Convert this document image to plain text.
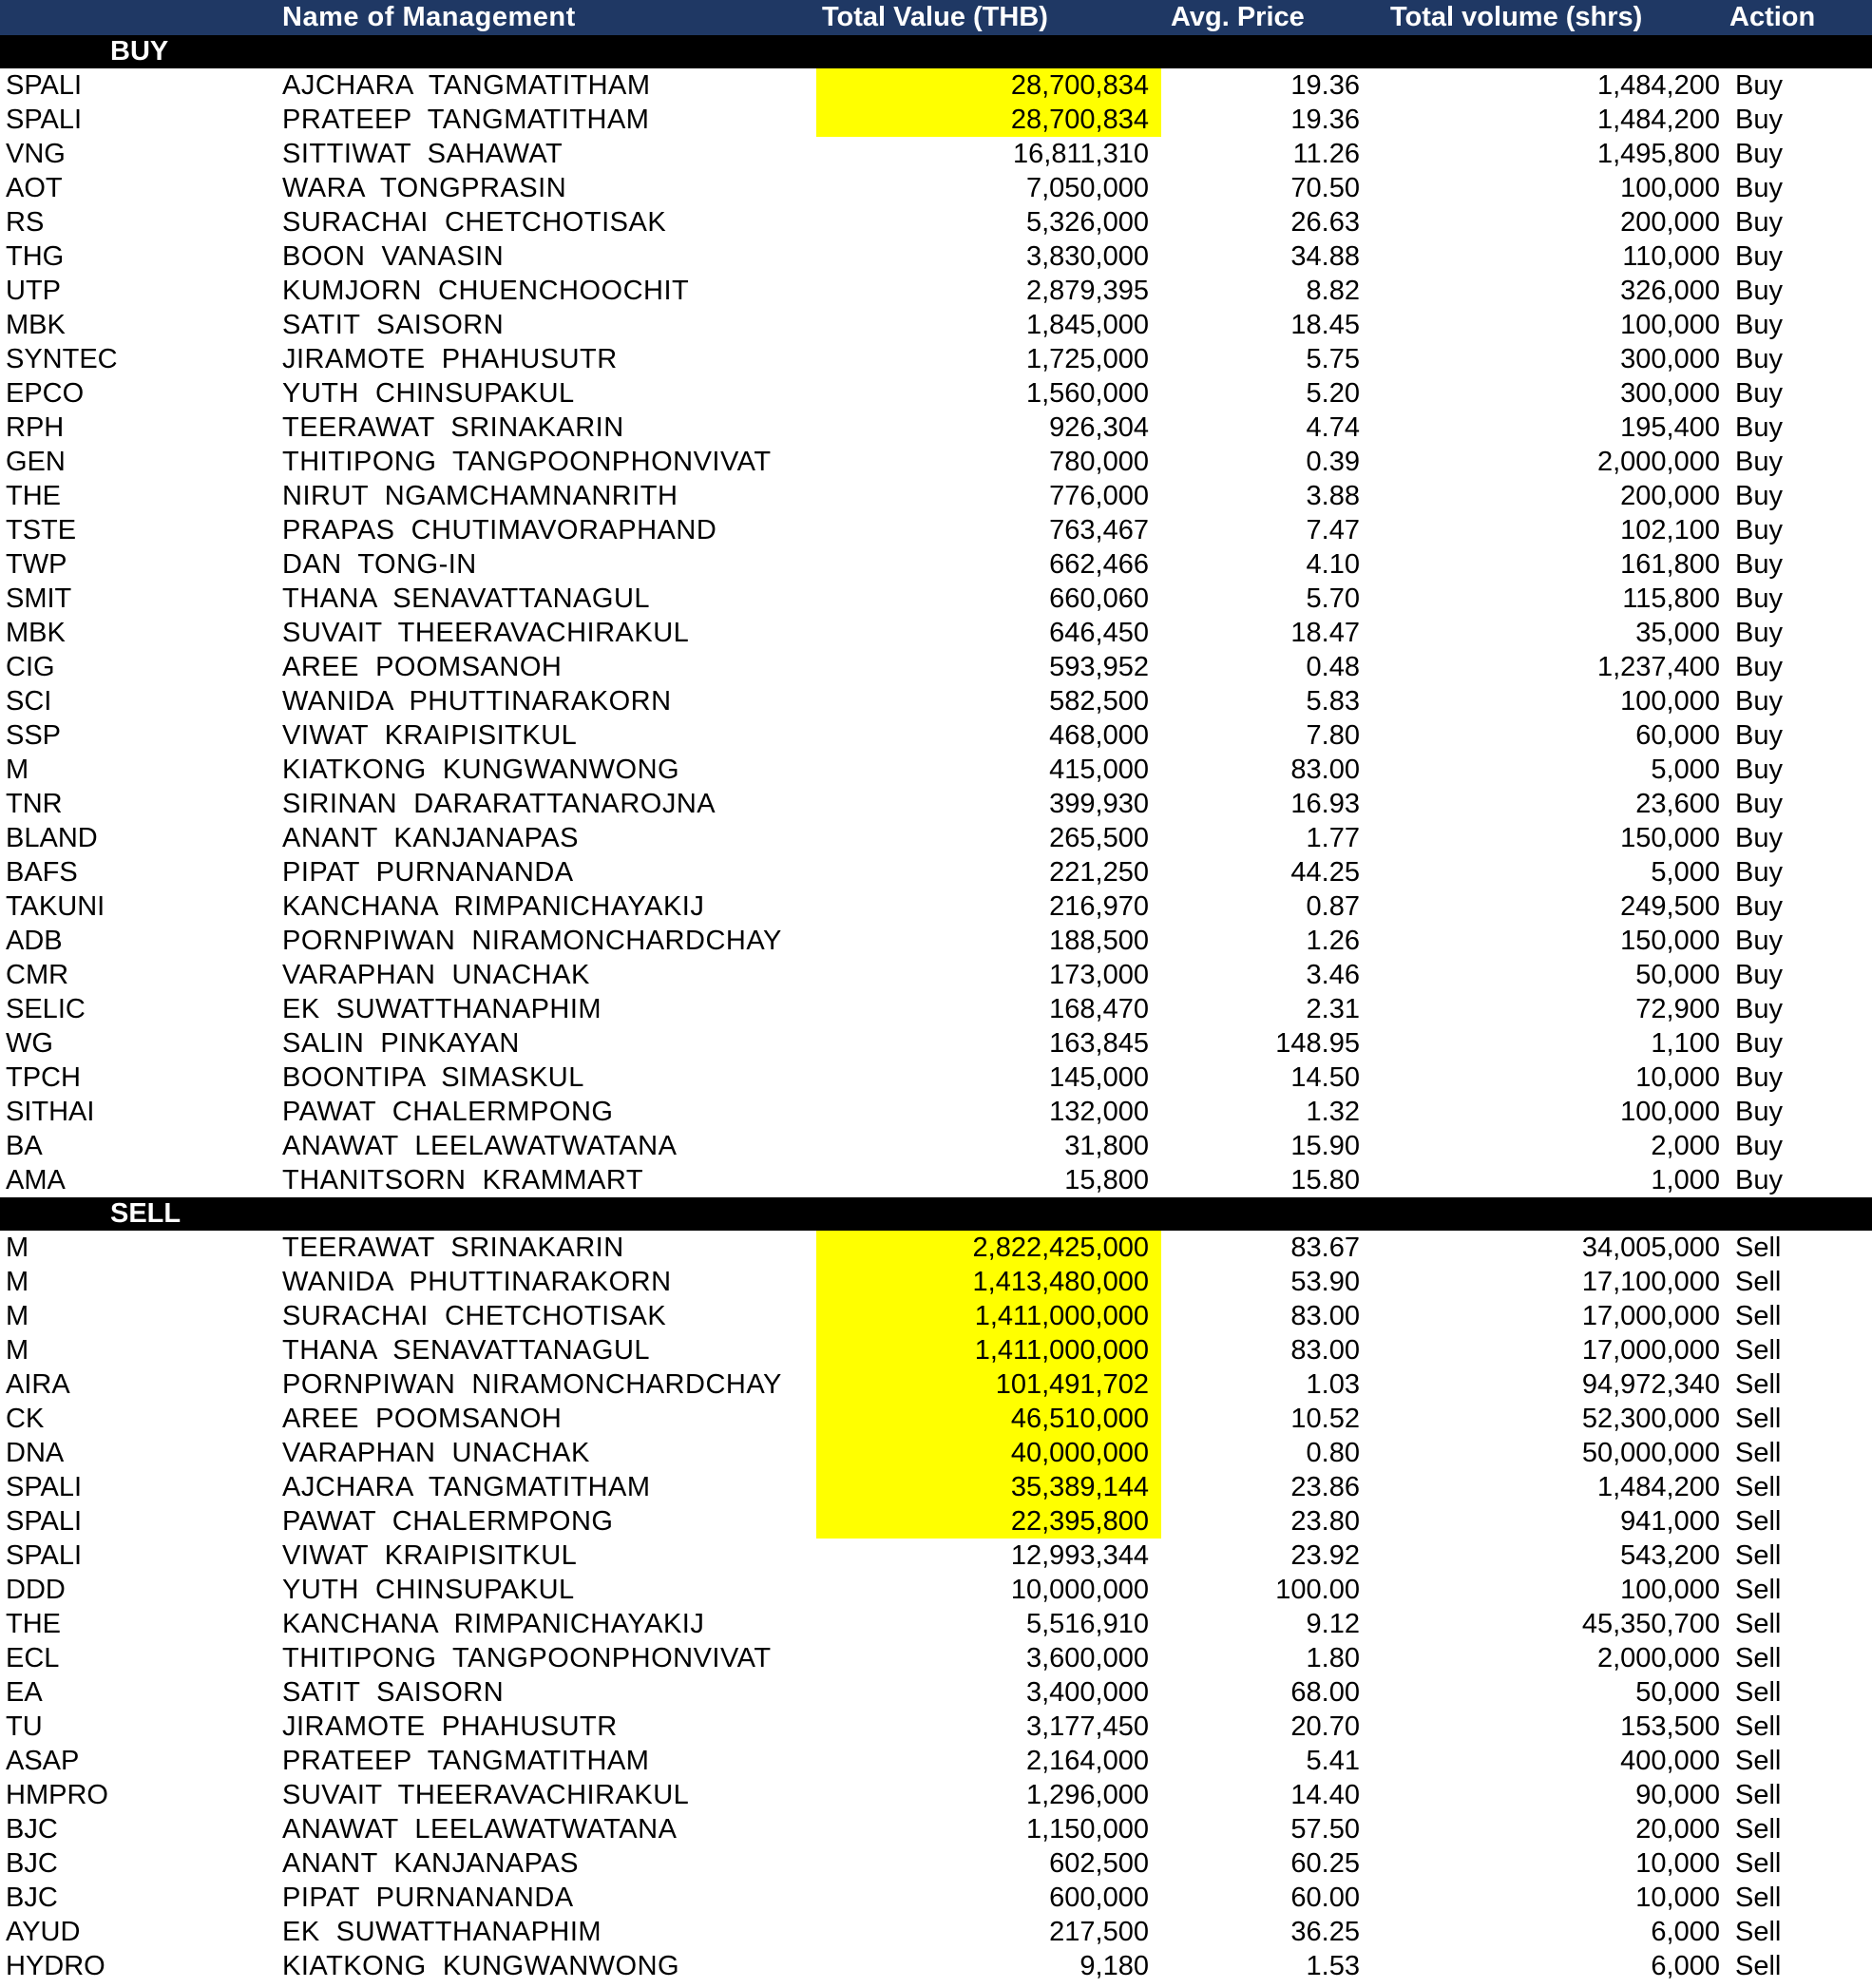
Name of Management	Total Value (THB)	Avg. Price	Total volume (shrs)	Action
BUY
SPALI	AJCHARA  TANGMATITHAM	28,700,834	19.36	1,484,200 Buy
SPALI	PRATEEP  TANGMATITHAM	28,700,834	19.36	1,484,200 Buy
VNG	SITTIWAT  SAHAWAT	16,811,310	11.26	1,495,800 Buy
AOT	WARA  TONGPRASIN	7,050,000	70.50	100,000 Buy
RS	SURACHAI  CHETCHOTISAK	5,326,000	26.63	200,000 Buy
THG	BOON  VANASIN	3,830,000	34.88	110,000 Buy
UTP	KUMJORN  CHUENCHOOCHIT	2,879,395	8.82	326,000 Buy
MBK	SATIT  SAISORN	1,845,000	18.45	100,000 Buy
SYNTEC	JIRAMOTE  PHAHUSUTR	1,725,000	5.75	300,000 Buy
EPCO	YUTH  CHINSUPAKUL	1,560,000	5.20	300,000 Buy
RPH	TEERAWAT  SRINAKARIN	926,304	4.74	195,400 Buy
GEN	THITIPONG  TANGPOONPHONVIVAT	780,000	0.39	2,000,000 Buy
THE	NIRUT  NGAMCHAMNANRITH	776,000	3.88	200,000 Buy
TSTE	PRAPAS  CHUTIMAVORAPHAND	763,467	7.47	102,100 Buy
TWP	DAN  TONG-IN	662,466	4.10	161,800 Buy
SMIT	THANA  SENAVATTANAGUL	660,060	5.70	115,800 Buy
MBK	SUVAIT  THEERAVACHIRAKUL	646,450	18.47	35,000 Buy
CIG	AREE  POOMSANOH	593,952	0.48	1,237,400 Buy
SCI	WANIDA  PHUTTINARAKORN	582,500	5.83	100,000 Buy
SSP	VIWAT  KRAIPISITKUL	468,000	7.80	60,000 Buy
M	KIATKONG  KUNGWANWONG	415,000	83.00	5,000 Buy
TNR	SIRINAN  DARARATTANAROJNA	399,930	16.93	23,600 Buy
BLAND	ANANT  KANJANAPAS	265,500	1.77	150,000 Buy
BAFS	PIPAT  PURNANANDA	221,250	44.25	5,000 Buy
TAKUNI	KANCHANA  RIMPANICHAYAKIJ	216,970	0.87	249,500 Buy
ADB	PORNPIWAN  NIRAMONCHARDCHAY	188,500	1.26	150,000 Buy
CMR	VARAPHAN  UNACHAK	173,000	3.46	50,000 Buy
SELIC	EK  SUWATTHANAPHIM	168,470	2.31	72,900 Buy
WG	SALIN  PINKAYAN	163,845	148.95	1,100 Buy
TPCH	BOONTIPA  SIMASKUL	145,000	14.50	10,000 Buy
SITHAI	PAWAT  CHALERMPONG	132,000	1.32	100,000 Buy
BA	ANAWAT  LEELAWATWATANA	31,800	15.90	2,000 Buy
AMA	THANITSORN  KRAMMART	15,800	15.80	1,000 Buy
SELL
M	TEERAWAT  SRINAKARIN	2,822,425,000	83.67	34,005,000 Sell
M	WANIDA  PHUTTINARAKORN	1,413,480,000	53.90	17,100,000 Sell
M	SURACHAI  CHETCHOTISAK	1,411,000,000	83.00	17,000,000 Sell
M	THANA  SENAVATTANAGUL	1,411,000,000	83.00	17,000,000 Sell
AIRA	PORNPIWAN  NIRAMONCHARDCHAY	101,491,702	1.03	94,972,340 Sell
CK	AREE  POOMSANOH	46,510,000	10.52	52,300,000 Sell
DNA	VARAPHAN  UNACHAK	40,000,000	0.80	50,000,000 Sell
SPALI	AJCHARA  TANGMATITHAM	35,389,144	23.86	1,484,200 Sell
SPALI	PAWAT  CHALERMPONG	22,395,800	23.80	941,000 Sell
SPALI	VIWAT  KRAIPISITKUL	12,993,344	23.92	543,200 Sell
DDD	YUTH  CHINSUPAKUL	10,000,000	100.00	100,000 Sell
THE	KANCHANA  RIMPANICHAYAKIJ	5,516,910	9.12	45,350,700 Sell
ECL	THITIPONG  TANGPOONPHONVIVAT	3,600,000	1.80	2,000,000 Sell
EA	SATIT  SAISORN	3,400,000	68.00	50,000 Sell
TU	JIRAMOTE  PHAHUSUTR	3,177,450	20.70	153,500 Sell
ASAP	PRATEEP  TANGMATITHAM	2,164,000	5.41	400,000 Sell
HMPRO	SUVAIT  THEERAVACHIRAKUL	1,296,000	14.40	90,000 Sell
BJC	ANAWAT  LEELAWATWATANA	1,150,000	57.50	20,000 Sell
BJC	ANANT  KANJANAPAS	602,500	60.25	10,000 Sell
BJC	PIPAT  PURNANANDA	600,000	60.00	10,000 Sell
AYUD	EK  SUWATTHANAPHIM	217,500	36.25	6,000 Sell
HYDRO	KIATKONG  KUNGWANWONG	9,180	1.53	6,000 Sell
